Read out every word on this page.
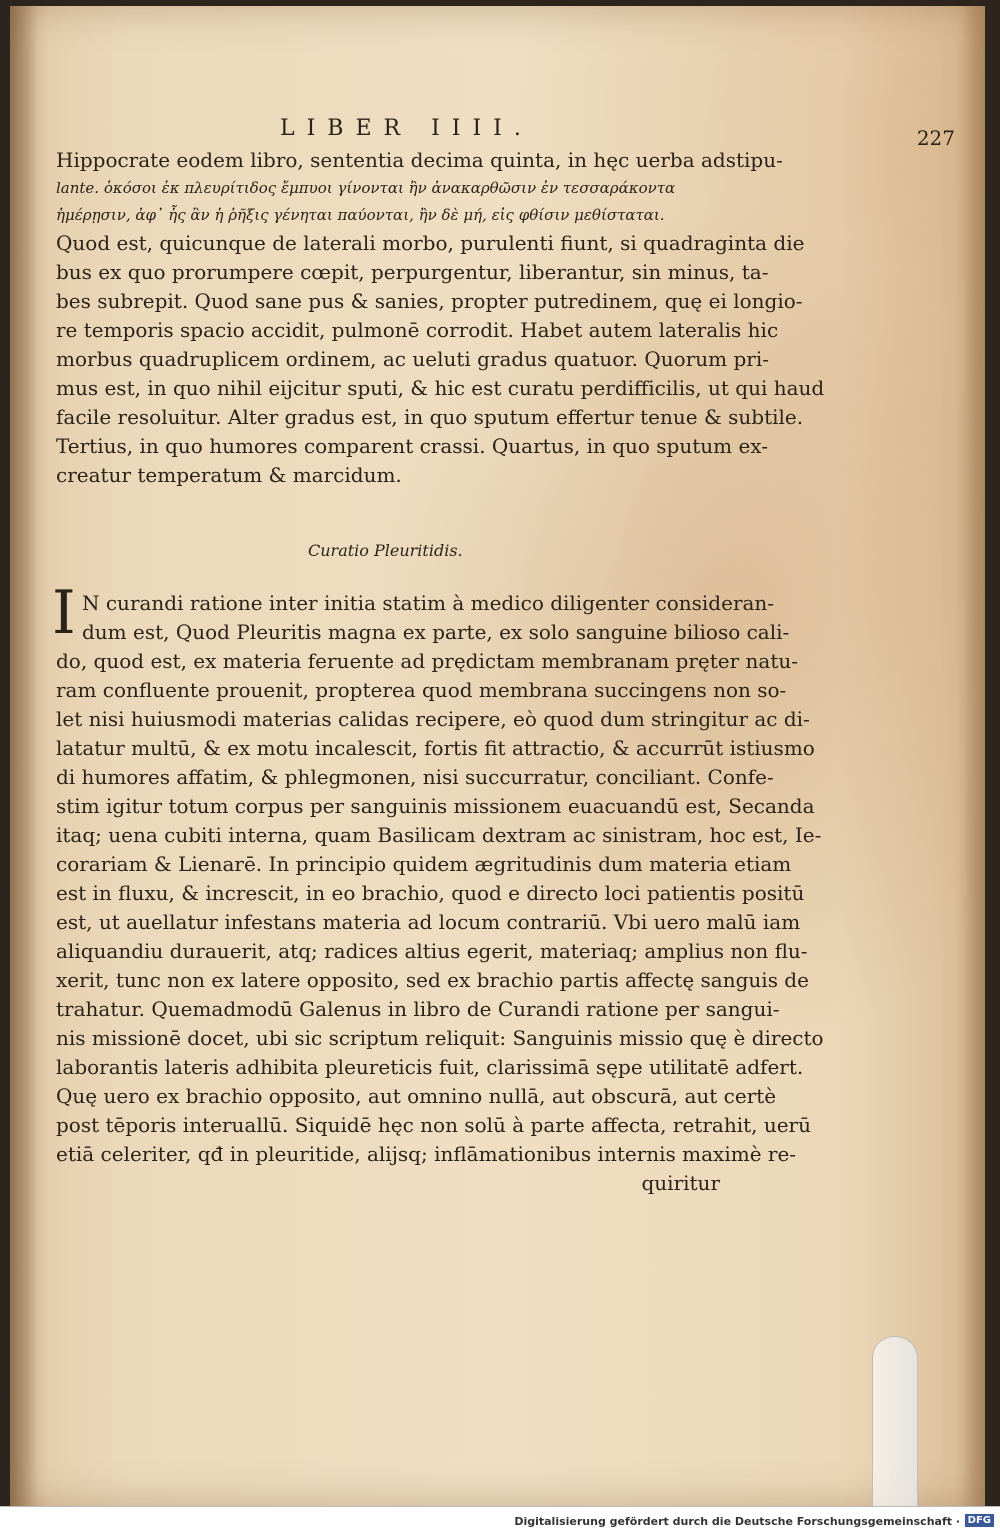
LIBER IIII.	227
Hippocrate eodem libro, sententia decima quinta, in hęc uerba adstipu-
lante. ὁκόσοι ἐκ πλευρίτιδος ἔμπυοι γίνονται ἢν ἀνακαρθῶσιν ἐν τεσσαράκοντα
ἡμέρῃσιν, ἀφ᾽ ἧς ἂν ἡ ῥῆξις γένηται παύονται, ἢν δὲ μή, εἰς φθίσιν μεθίσταται.
Quod est, quicunque de laterali morbo, purulenti fiunt, si quadraginta die
bus ex quo prorumpere cœpit, perpurgentur, liberantur, sin minus, ta-
bes subrepit. Quod sane pus & sanies, propter putredinem, quę ei longio-
re temporis spacio accidit, pulmonē corrodit. Habet autem lateralis hic
morbus quadruplicem ordinem, ac ueluti gradus quatuor. Quorum pri-
mus est, in quo nihil eijcitur sputi, & hic est curatu perdifficilis, ut qui haud
facile resoluitur. Alter gradus est, in quo sputum effertur tenue & subtile.
Tertius, in quo humores comparent crassi. Quartus, in quo sputum ex-
creatur temperatum & marcidum.
Curatio Pleuritidis.
I N curandi ratione inter initia statim à medico diligenter consideran-
dum est, Quod Pleuritis magna ex parte, ex solo sanguine bilioso cali-
do, quod est, ex materia feruente ad prędictam membranam pręter natu-
ram confluente prouenit, propterea quod membrana succingens non so-
let nisi huiusmodi materias calidas recipere, eò quod dum stringitur ac di-
latatur multū, & ex motu incalescit, fortis fit attractio, & accurrūt istiusmo
di humores affatim, & phlegmonen, nisi succurratur, conciliant. Confe-
stim igitur totum corpus per sanguinis missionem euacuandū est, Secanda
itaq; uena cubiti interna, quam Basilicam dextram ac sinistram, hoc est, Ie-
corariam & Lienarē. In principio quidem ægritudinis dum materia etiam
est in fluxu, & increscit, in eo brachio, quod e directo loci patientis positū
est, ut auellatur infestans materia ad locum contrariū. Vbi uero malū iam
aliquandiu durauerit, atq; radices altius egerit, materiaq; amplius non flu-
xerit, tunc non ex latere opposito, sed ex brachio partis affectę sanguis de
trahatur. Quemadmodū Galenus in libro de Curandi ratione per sangui-
nis missionē docet, ubi sic scriptum reliquit: Sanguinis missio quę è directo
laborantis lateris adhibita pleureticis fuit, clarissimā sępe utilitatē adfert.
Quę uero ex brachio opposito, aut omnino nullā, aut obscurā, aut certè
post tēporis interuallū. Siquidē hęc non solū à parte affecta, retrahit, uerū
etiā celeriter, qđ in pleuritide, alijsq; inflāmationibus internis maximè re-
quiritur
Digitalisierung gefördert durch die Deutsche Forschungsgemeinschaft · DFG
